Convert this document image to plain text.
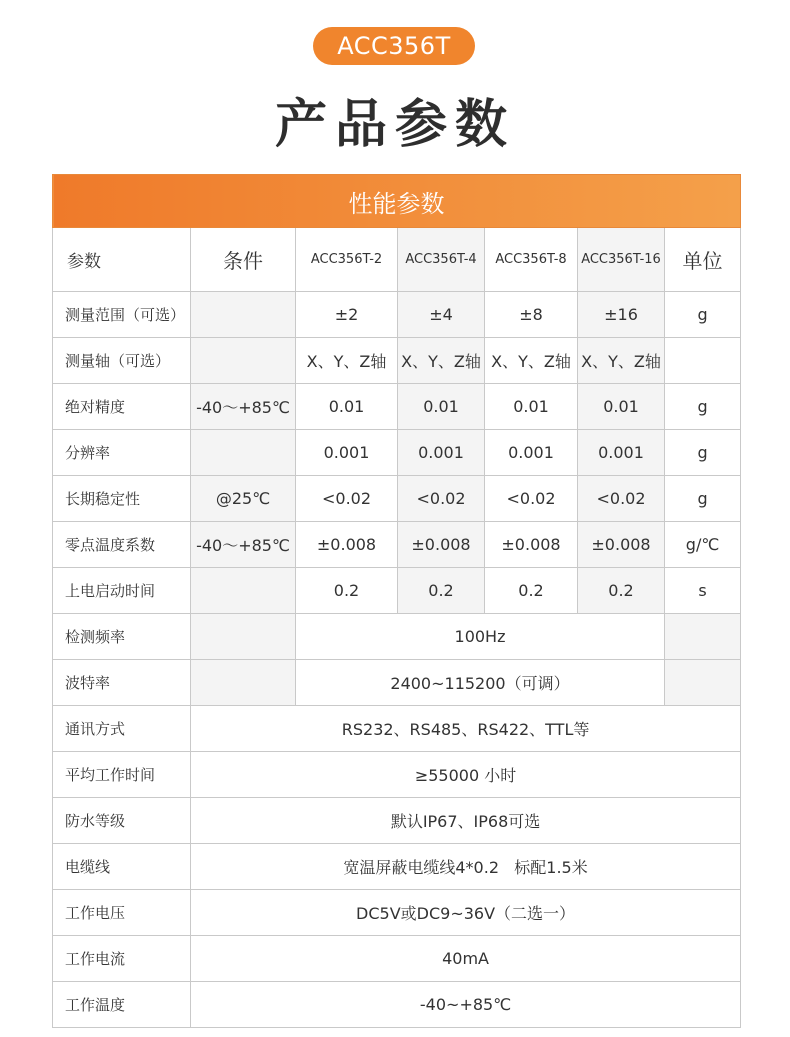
ACC356T
产品参数
性能参数						
参数	条件	ACC356T-2	ACC356T-4	ACC356T-8	ACC356T-16	单位
测量范围（可选）		±2	±4	±8	±16	g
测量轴（可选）		X、Y、Z轴	X、Y、Z轴	X、Y、Z轴	X、Y、Z轴	
绝对精度	-40～+85℃	0.01	0.01	0.01	0.01	g
分辨率		0.001	0.001	0.001	0.001	g
长期稳定性	@25℃	<0.02	<0.02	<0.02	<0.02	g
零点温度系数	-40～+85℃	±0.008	±0.008	±0.008	±0.008	g/℃
上电启动时间		0.2	0.2	0.2	0.2	s
检测频率		100Hz				
波特率		2400~115200（可调）				
通讯方式	RS232、RS485、RS422、TTL等					
平均工作时间	≥55000 小时					
防水等级	默认IP67、IP68可选					
电缆线	宽温屏蔽电缆线4*0.2   标配1.5米					
工作电压	DC5V或DC9~36V（二选一）					
工作电流	40mA					
工作温度	-40~+85℃					
